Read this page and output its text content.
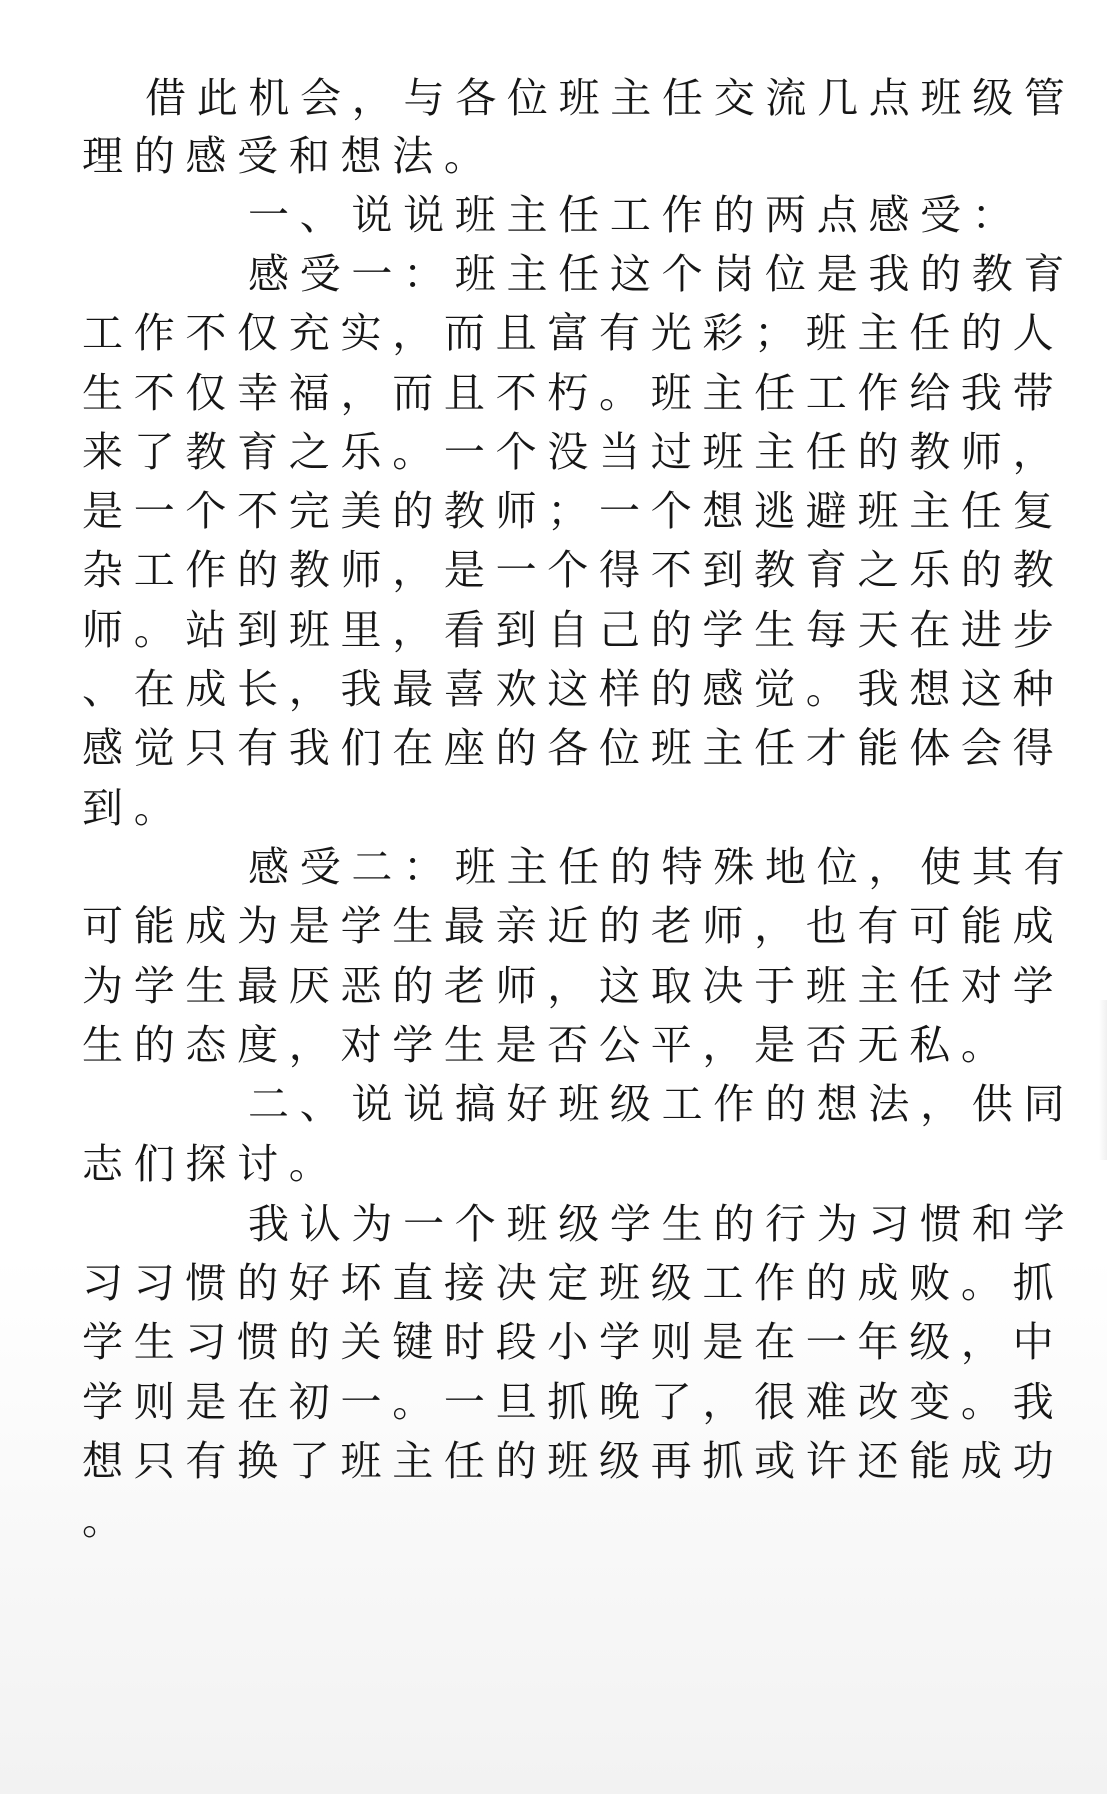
借此机会，与各位班主任交流几点班级管
理的感受和想法。
一、说说班主任工作的两点感受：
感受一：班主任这个岗位是我的教育
工作不仅充实，而且富有光彩；班主任的人
生不仅幸福，而且不朽。班主任工作给我带
来了教育之乐。一个没当过班主任的教师，
是一个不完美的教师；一个想逃避班主任复
杂工作的教师，是一个得不到教育之乐的教
师。站到班里，看到自己的学生每天在进步
、在成长，我最喜欢这样的感觉。我想这种
感觉只有我们在座的各位班主任才能体会得
到。
感受二：班主任的特殊地位，使其有
可能成为是学生最亲近的老师，也有可能成
为学生最厌恶的老师，这取决于班主任对学
生的态度，对学生是否公平，是否无私。
二、说说搞好班级工作的想法，供同
志们探讨。
我认为一个班级学生的行为习惯和学
习习惯的好坏直接决定班级工作的成败。抓
学生习惯的关键时段小学则是在一年级，中
学则是在初一。一旦抓晚了，很难改变。我
想只有换了班主任的班级再抓或许还能成功
。
